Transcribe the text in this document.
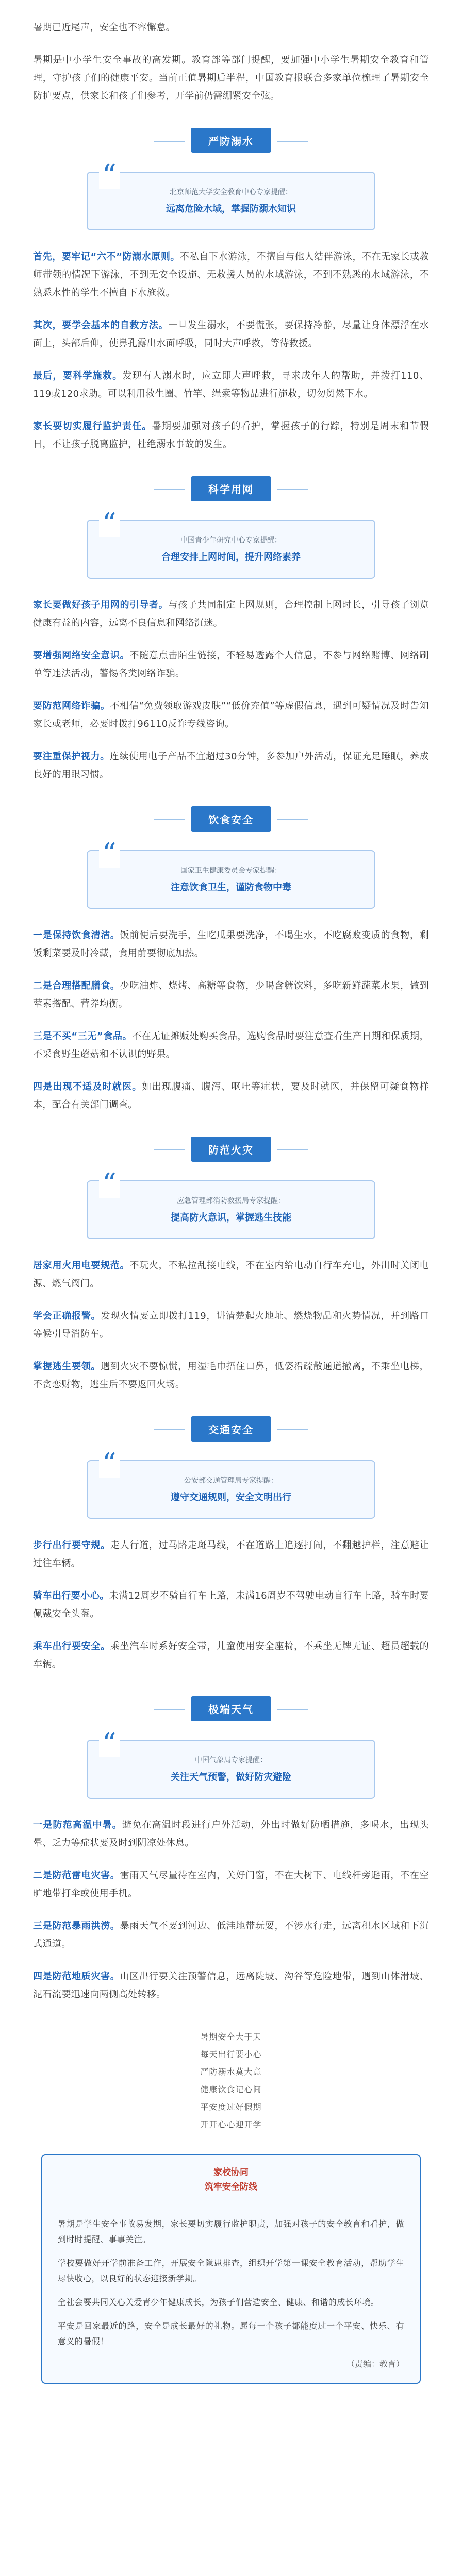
暑期已近尾声，安全也不容懈怠。

暑期是中小学生安全事故的高发期。教育部等部门提醒，要加强中小学生暑期安全教育和管理，守护孩子们的健康平安。当前正值暑期后半程，中国教育报联合多家单位梳理了暑期安全防护要点，供家长和孩子们参考，开学前仍需绷紧安全弦。

严防溺水
“
北京师范大学安全教育中心专家提醒：
远离危险水域，掌握防溺水知识

首先，要牢记“六不”防溺水原则。不私自下水游泳，不擅自与他人结伴游泳，不在无家长或教师带领的情况下游泳，不到无安全设施、无救援人员的水域游泳，不到不熟悉的水域游泳，不熟悉水性的学生不擅自下水施救。

其次，要学会基本的自救方法。一旦发生溺水，不要慌张，要保持冷静，尽量让身体漂浮在水面上，头部后仰，使鼻孔露出水面呼吸，同时大声呼救，等待救援。

最后，要科学施救。发现有人溺水时，应立即大声呼救，寻求成年人的帮助，并拨打110、119或120求助。可以利用救生圈、竹竿、绳索等物品进行施救，切勿贸然下水。

家长要切实履行监护责任。暑期要加强对孩子的看护，掌握孩子的行踪，特别是周末和节假日，不让孩子脱离监护，杜绝溺水事故的发生。

科学用网
“
中国青少年研究中心专家提醒：
合理安排上网时间，提升网络素养

家长要做好孩子用网的引导者。与孩子共同制定上网规则，合理控制上网时长，引导孩子浏览健康有益的内容，远离不良信息和网络沉迷。

要增强网络安全意识。不随意点击陌生链接，不轻易透露个人信息，不参与网络赌博、网络刷单等违法活动，警惕各类网络诈骗。

要防范网络诈骗。不相信“免费领取游戏皮肤”“低价充值”等虚假信息，遇到可疑情况及时告知家长或老师，必要时拨打96110反诈专线咨询。

要注重保护视力。连续使用电子产品不宜超过30分钟，多参加户外活动，保证充足睡眠，养成良好的用眼习惯。

饮食安全
“
国家卫生健康委员会专家提醒：
注意饮食卫生，谨防食物中毒

一是保持饮食清洁。饭前便后要洗手，生吃瓜果要洗净，不喝生水，不吃腐败变质的食物，剩饭剩菜要及时冷藏，食用前要彻底加热。

二是合理搭配膳食。少吃油炸、烧烤、高糖等食物，少喝含糖饮料，多吃新鲜蔬菜水果，做到荤素搭配、营养均衡。

三是不买“三无”食品。不在无证摊贩处购买食品，选购食品时要注意查看生产日期和保质期，不采食野生蘑菇和不认识的野果。

四是出现不适及时就医。如出现腹痛、腹泻、呕吐等症状，要及时就医，并保留可疑食物样本，配合有关部门调查。

防范火灾
“
应急管理部消防救援局专家提醒：
提高防火意识，掌握逃生技能

居家用火用电要规范。不玩火，不私拉乱接电线，不在室内给电动自行车充电，外出时关闭电源、燃气阀门。

学会正确报警。发现火情要立即拨打119，讲清楚起火地址、燃烧物品和火势情况，并到路口等候引导消防车。

掌握逃生要领。遇到火灾不要惊慌，用湿毛巾捂住口鼻，低姿沿疏散通道撤离，不乘坐电梯，不贪恋财物，逃生后不要返回火场。

交通安全
“
公安部交通管理局专家提醒：
遵守交通规则，安全文明出行

步行出行要守规。走人行道，过马路走斑马线，不在道路上追逐打闹，不翻越护栏，注意避让过往车辆。

骑车出行要小心。未满12周岁不骑自行车上路，未满16周岁不驾驶电动自行车上路，骑车时要佩戴安全头盔。

乘车出行要安全。乘坐汽车时系好安全带，儿童使用安全座椅，不乘坐无牌无证、超员超载的车辆。

极端天气
“
中国气象局专家提醒：
关注天气预警，做好防灾避险

一是防范高温中暑。避免在高温时段进行户外活动，外出时做好防晒措施，多喝水，出现头晕、乏力等症状要及时到阴凉处休息。

二是防范雷电灾害。雷雨天气尽量待在室内，关好门窗，不在大树下、电线杆旁避雨，不在空旷地带打伞或使用手机。

三是防范暴雨洪涝。暴雨天气不要到河边、低洼地带玩耍，不涉水行走，远离积水区域和下沉式通道。

四是防范地质灾害。山区出行要关注预警信息，远离陡坡、沟谷等危险地带，遇到山体滑坡、泥石流要迅速向两侧高处转移。

暑期安全大于天
每天出行要小心
严防溺水莫大意
健康饮食记心间
平安度过好假期
开开心心迎开学
家校协同
筑牢安全防线

暑期是学生安全事故易发期，家长要切实履行监护职责，加强对孩子的安全教育和看护，做到时时提醒、事事关注。

学校要做好开学前准备工作，开展安全隐患排查，组织开学第一课安全教育活动，帮助学生尽快收心，以良好的状态迎接新学期。

全社会要共同关心关爱青少年健康成长，为孩子们营造安全、健康、和谐的成长环境。

平安是回家最近的路，安全是成长最好的礼物。愿每一个孩子都能度过一个平安、快乐、有意义的暑假！

（责编：教育）
